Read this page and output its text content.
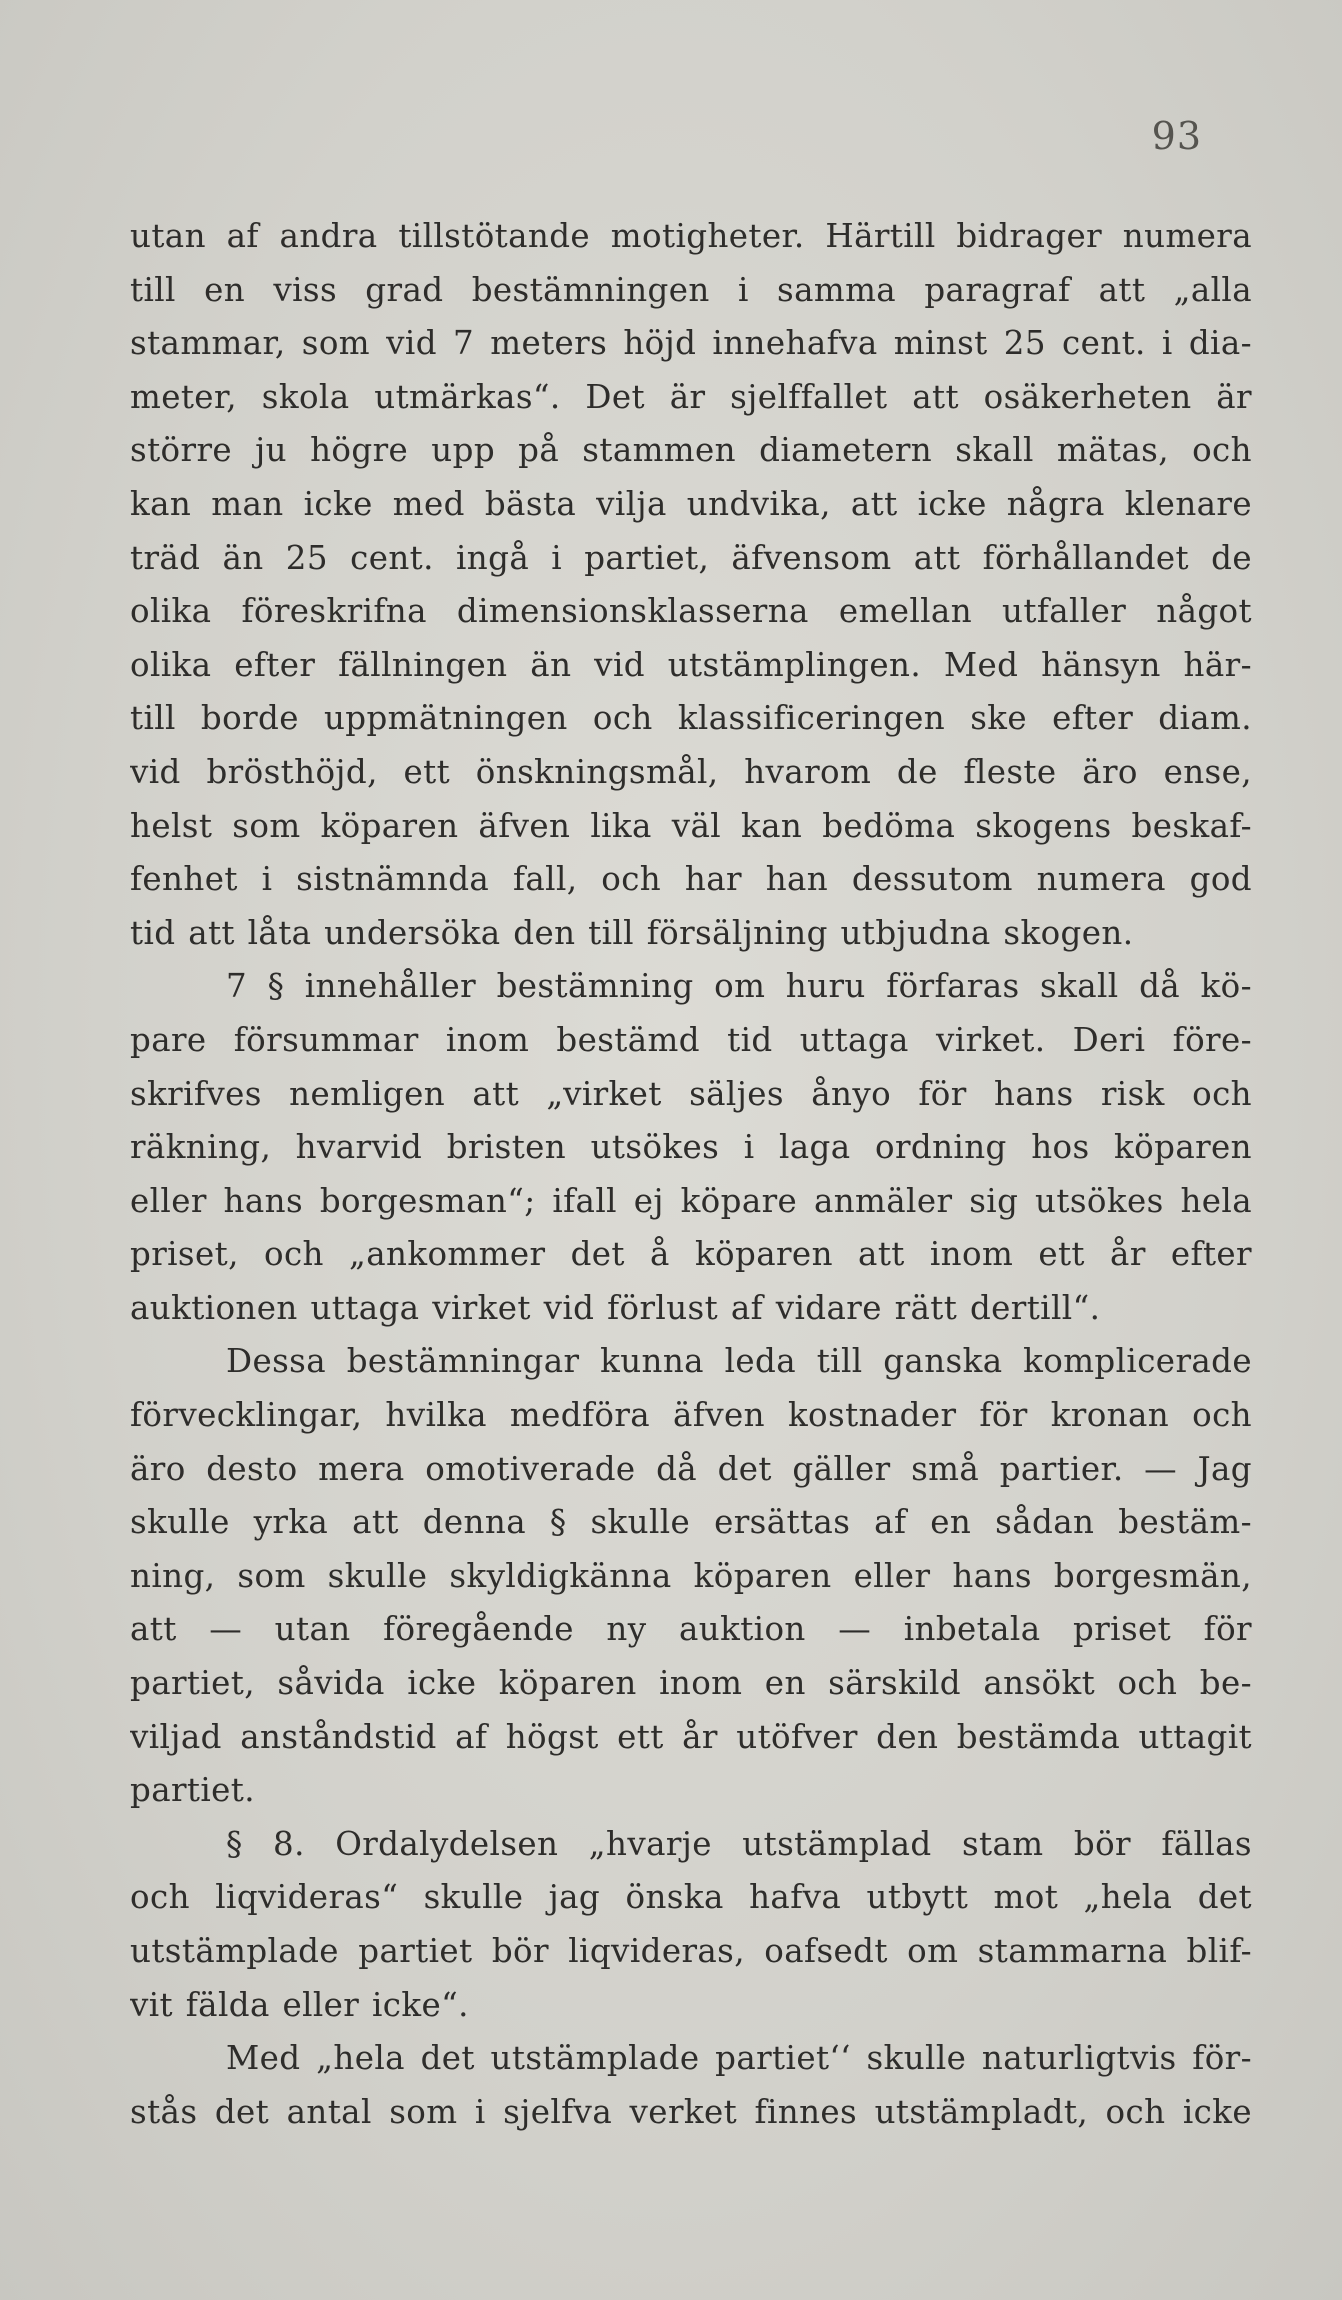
93
utan af andra tillstötande motigheter. Härtill bidrager numera
till en viss grad bestämningen i samma paragraf att „alla
stammar, som vid 7 meters höjd innehafva minst 25 cent. i dia-
meter, skola utmärkas“. Det är sjelffallet att osäkerheten är
större ju högre upp på stammen diametern skall mätas, och
kan man icke med bästa vilja undvika, att icke några klenare
träd än 25 cent. ingå i partiet, äfvensom att förhållandet de
olika föreskrifna dimensionsklasserna emellan utfaller något
olika efter fällningen än vid utstämplingen. Med hänsyn här-
till borde uppmätningen och klassificeringen ske efter diam.
vid brösthöjd, ett önskningsmål, hvarom de fleste äro ense,
helst som köparen äfven lika väl kan bedöma skogens beskaf-
fenhet i sistnämnda fall, och har han dessutom numera god
tid att låta undersöka den till försäljning utbjudna skogen.
7 § innehåller bestämning om huru förfaras skall då kö-
pare försummar inom bestämd tid uttaga virket. Deri före-
skrifves nemligen att „virket säljes ånyo för hans risk och
räkning, hvarvid bristen utsökes i laga ordning hos köparen
eller hans borgesman“; ifall ej köpare anmäler sig utsökes hela
priset, och „ankommer det å köparen att inom ett år efter
auktionen uttaga virket vid förlust af vidare rätt dertill“.
Dessa bestämningar kunna leda till ganska komplicerade
förvecklingar, hvilka medföra äfven kostnader för kronan och
äro desto mera omotiverade då det gäller små partier. — Jag
skulle yrka att denna § skulle ersättas af en sådan bestäm-
ning, som skulle skyldigkänna köparen eller hans borgesmän,
att — utan föregående ny auktion — inbetala priset för
partiet, såvida icke köparen inom en särskild ansökt och be-
viljad anståndstid af högst ett år utöfver den bestämda uttagit
partiet.
§ 8. Ordalydelsen „hvarje utstämplad stam bör fällas
och liqvideras“ skulle jag önska hafva utbytt mot „hela det
utstämplade partiet bör liqvideras, oafsedt om stammarna blif-
vit fälda eller icke“.
Med „hela det utstämplade partiet‘‘ skulle naturligtvis för-
stås det antal som i sjelfva verket finnes utstämpladt, och icke
